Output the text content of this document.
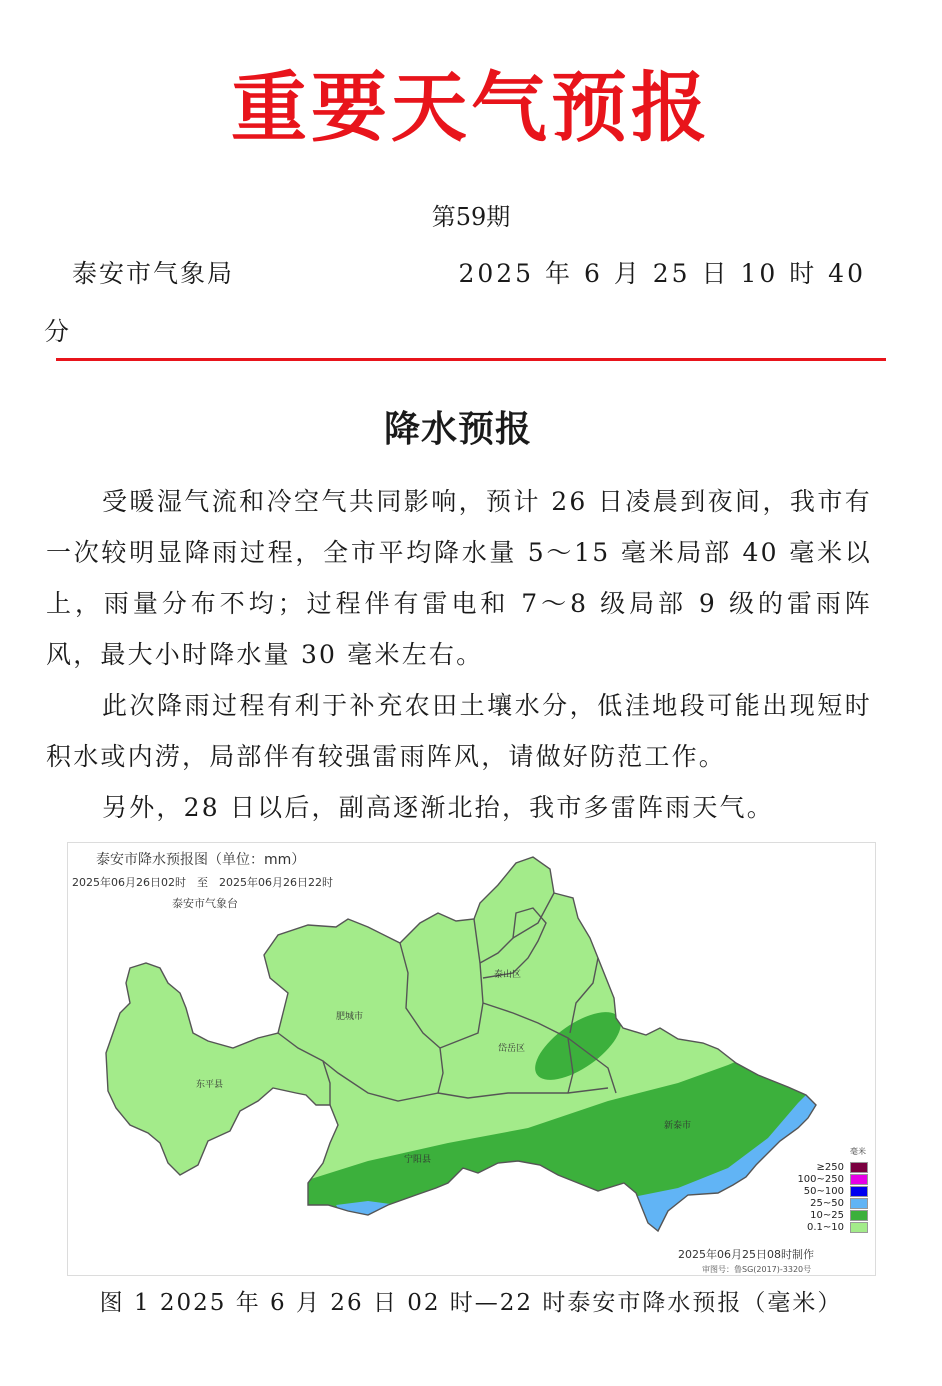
重要天气预报
第59期
泰安市气象局	2025 年 6 月 25 日 10 时 40
分
降水预报

受暖湿气流和冷空气共同影响，预计 26 日凌晨到夜间，我市有一次较明显降雨过程，全市平均降水量 5～15 毫米局部 40 毫米以上，雨量分布不均；过程伴有雷电和 7～8 级局部 9 级的雷雨阵风，最大小时降水量 30 毫米左右。

此次降雨过程有利于补充农田土壤水分，低洼地段可能出现短时积水或内涝，局部伴有较强雷雨阵风，请做好防范工作。

另外，28 日以后，副高逐渐北抬，我市多雷阵雨天气。

泰安市降水预报图（单位：mm）
2025年06月26日02时　至　2025年06月26日22时
泰安市气象台
东平县
肥城市
泰山区
岱岳区
新泰市
宁阳县
毫米
≥250
100~250
50~100
25~50
10~25
0.1~10
2025年06月25日08时制作
审图号：鲁SG(2017)-3320号
图 1 2025 年 6 月 26 日 02 时—22 时泰安市降水预报（毫米）
